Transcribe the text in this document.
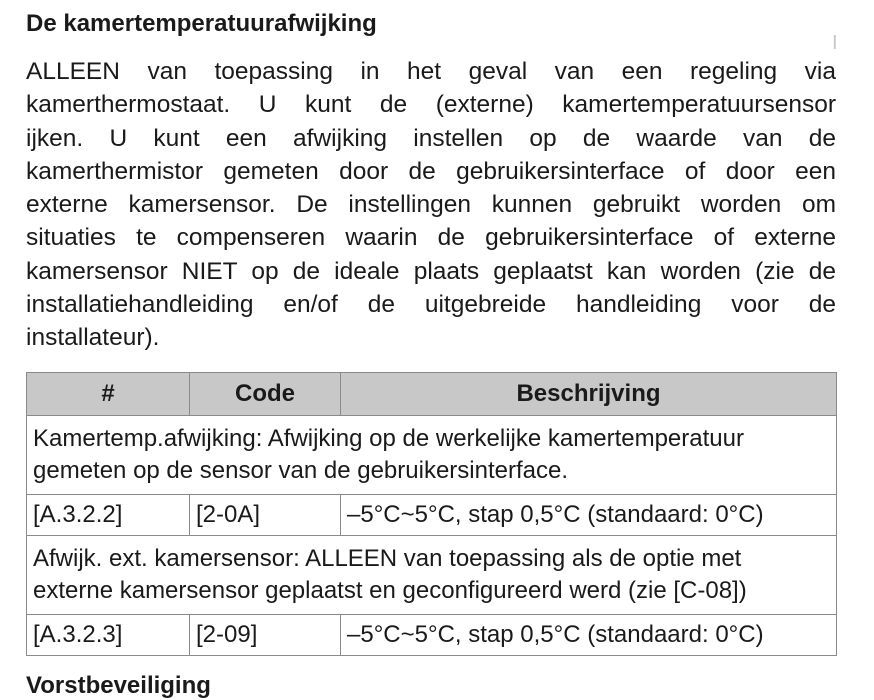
De kamertemperatuurafwijking
I
ALLEEN van toepassing in het geval van een regeling via
kamerthermostaat. U kunt de (externe) kamertemperatuursensor
ijken. U kunt een afwijking instellen op de waarde van de
kamerthermistor gemeten door de gebruikersinterface of door een
externe kamersensor. De instellingen kunnen gebruikt worden om
situaties te compenseren waarin de gebruikersinterface of externe
kamersensor NIET op de ideale plaats geplaatst kan worden (zie de
installatiehandleiding en/of de uitgebreide handleiding voor de
installateur).
#	Code	Beschrijving

Kamertemp.afwijking: Afwijking op de werkelijke kamertemperatuur
gemeten op de sensor van de gebruikersinterface.		

[A.3.2.2]	[2-0A]	–5°C~5°C, stap 0,5°C (standaard: 0°C)

Afwijk. ext. kamersensor: ALLEEN van toepassing als de optie met
externe kamersensor geplaatst en geconfigureerd werd (zie [C-08])		

[A.3.2.3]	[2-09]	–5°C~5°C, stap 0,5°C (standaard: 0°C)
Vorstbeveiliging
